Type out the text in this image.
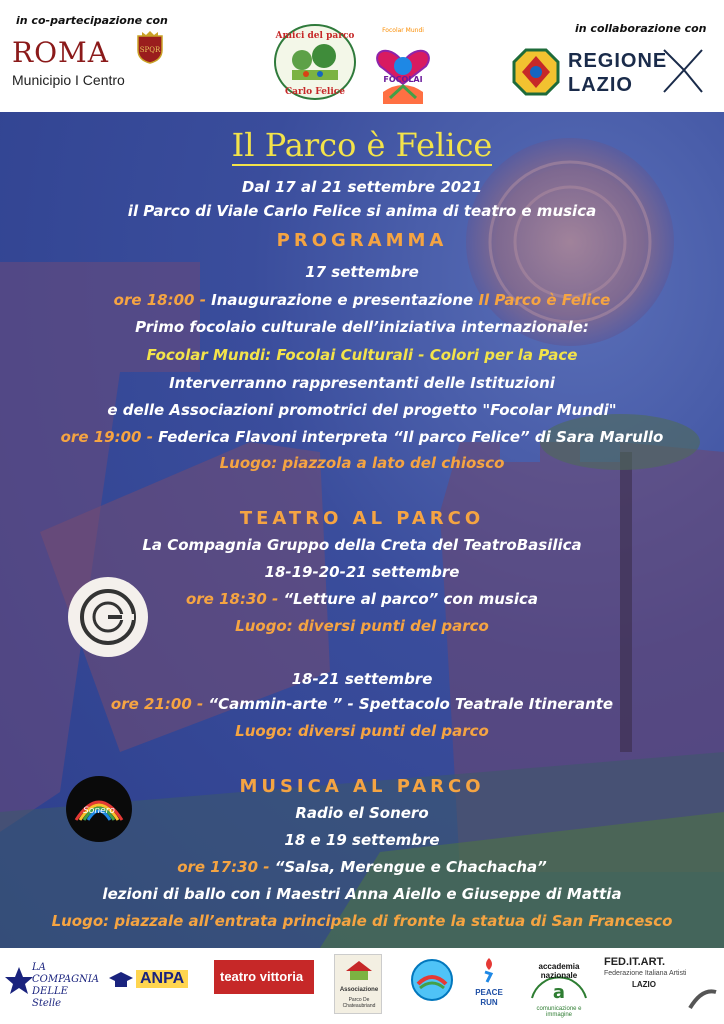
in co-partecipazione con
ROMA
Municipio I Centro
SPQR
Amici del parco
Carlo Felice
FOCOLAI
Focolar Mundi	in collaborazione con
REGIONE
LAZIO
Il Parco è Felice
Dal 17 al 21 settembre 2021
il Parco di Viale Carlo Felice si anima di teatro e musica
PROGRAMMA
17 settembre
ore 18:00 - Inaugurazione e presentazione Il Parco è Felice
Primo focolaio culturale dell’iniziativa internazionale:
Focolar Mundi: Focolai Culturali - Colori per la Pace
Interverranno rappresentanti delle Istituzioni
e delle Associazioni promotrici del progetto "Focolar Mundi"
ore 19:00 - Federica Flavoni interpreta “Il parco Felice” di Sara Marullo
Luogo: piazzola a lato del chiosco
TEATRO AL PARCO
La Compagnia Gruppo della Creta del TeatroBasilica
18-19-20-21 settembre
ore 18:30 - “Letture al parco” con musica
Luogo: diversi punti del parco
18-21 settembre
ore 21:00 - “Cammin-arte ” - Spettacolo Teatrale Itinerante
Luogo: diversi punti del parco
MUSICA AL PARCO
Radio el Sonero
18 e 19 settembre
ore 17:30 - “Salsa, Merengue e Chachacha”
lezioni di ballo con i Maestri Anna Aiello e Giuseppe di Mattia
Luogo: piazzale all’entrata principale di fronte la statua di San Francesco
Sonero
LA COMPAGNIA DELLE Stelle
ANPA	teatro vittoria
Associazione
Parco De Chateaubriand
PEACE RUN	a
accademia nazionale
comunicazione e immagine
FED.IT.ART.
Federazione Italiana Artisti
LAZIO
